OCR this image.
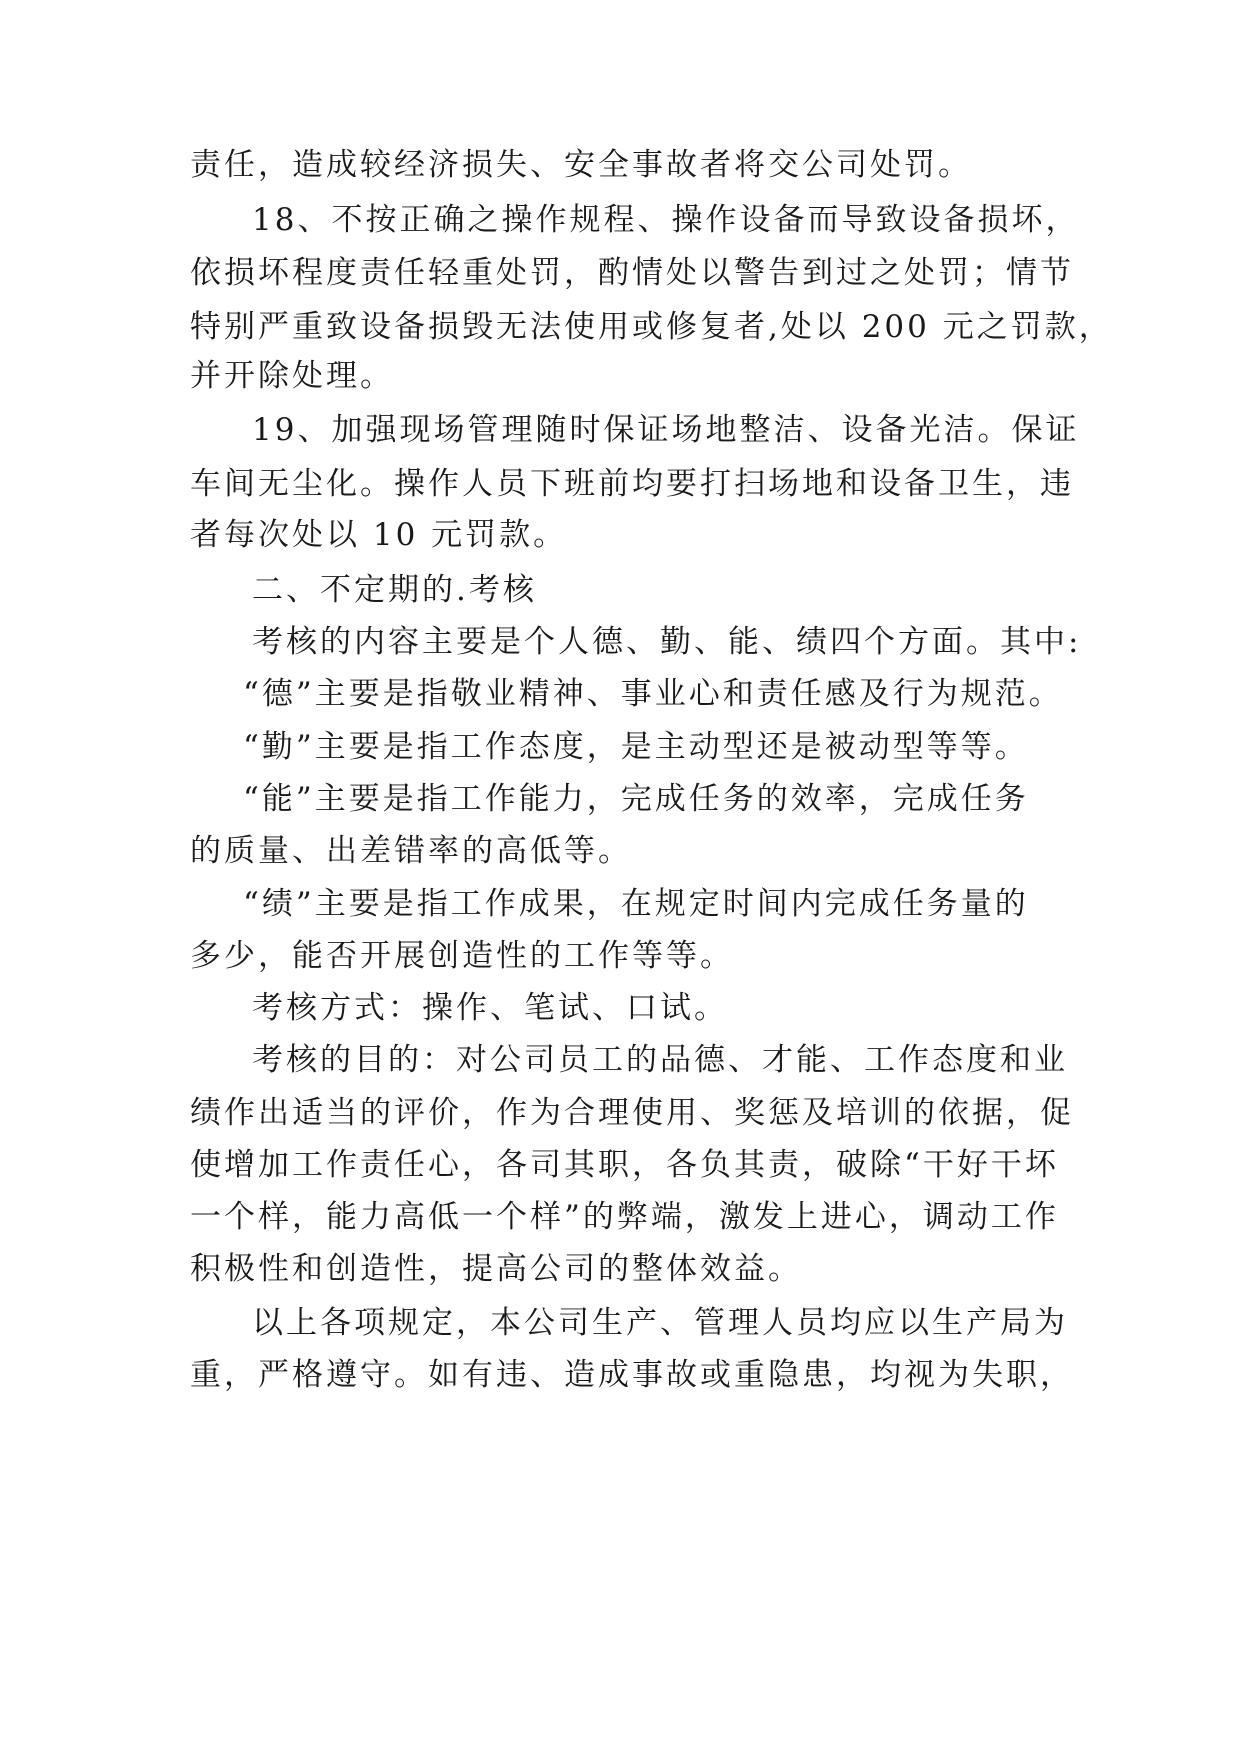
责任，造成较经济损失、安全事故者将交公司处罚。
18、不按正确之操作规程、操作设备而导致设备损坏，
依损坏程度责任轻重处罚，酌情处以警告到过之处罚；情节
特别严重致设备损毁无法使用或修复者,处以 200 元之罚款，
并开除处理。
19、加强现场管理随时保证场地整洁、设备光洁。保证
车间无尘化。操作人员下班前均要打扫场地和设备卫生，违
者每次处以 10 元罚款。
二、不定期的.考核
考核的内容主要是个人德、勤、能、绩四个方面。其中:
“德”主要是指敬业精神、事业心和责任感及行为规范。
“勤”主要是指工作态度，是主动型还是被动型等等。
“能”主要是指工作能力，完成任务的效率，完成任务
的质量、出差错率的高低等。
“绩”主要是指工作成果，在规定时间内完成任务量的
多少，能否开展创造性的工作等等。
考核方式：操作、笔试、口试。
考核的目的：对公司员工的品德、才能、工作态度和业
绩作出适当的评价，作为合理使用、奖惩及培训的依据，促
使增加工作责任心，各司其职，各负其责，破除“干好干坏
一个样，能力高低一个样”的弊端，激发上进心，调动工作
积极性和创造性，提高公司的整体效益。
以上各项规定，本公司生产、管理人员均应以生产局为
重，严格遵守。如有违、造成事故或重隐患，均视为失职，
